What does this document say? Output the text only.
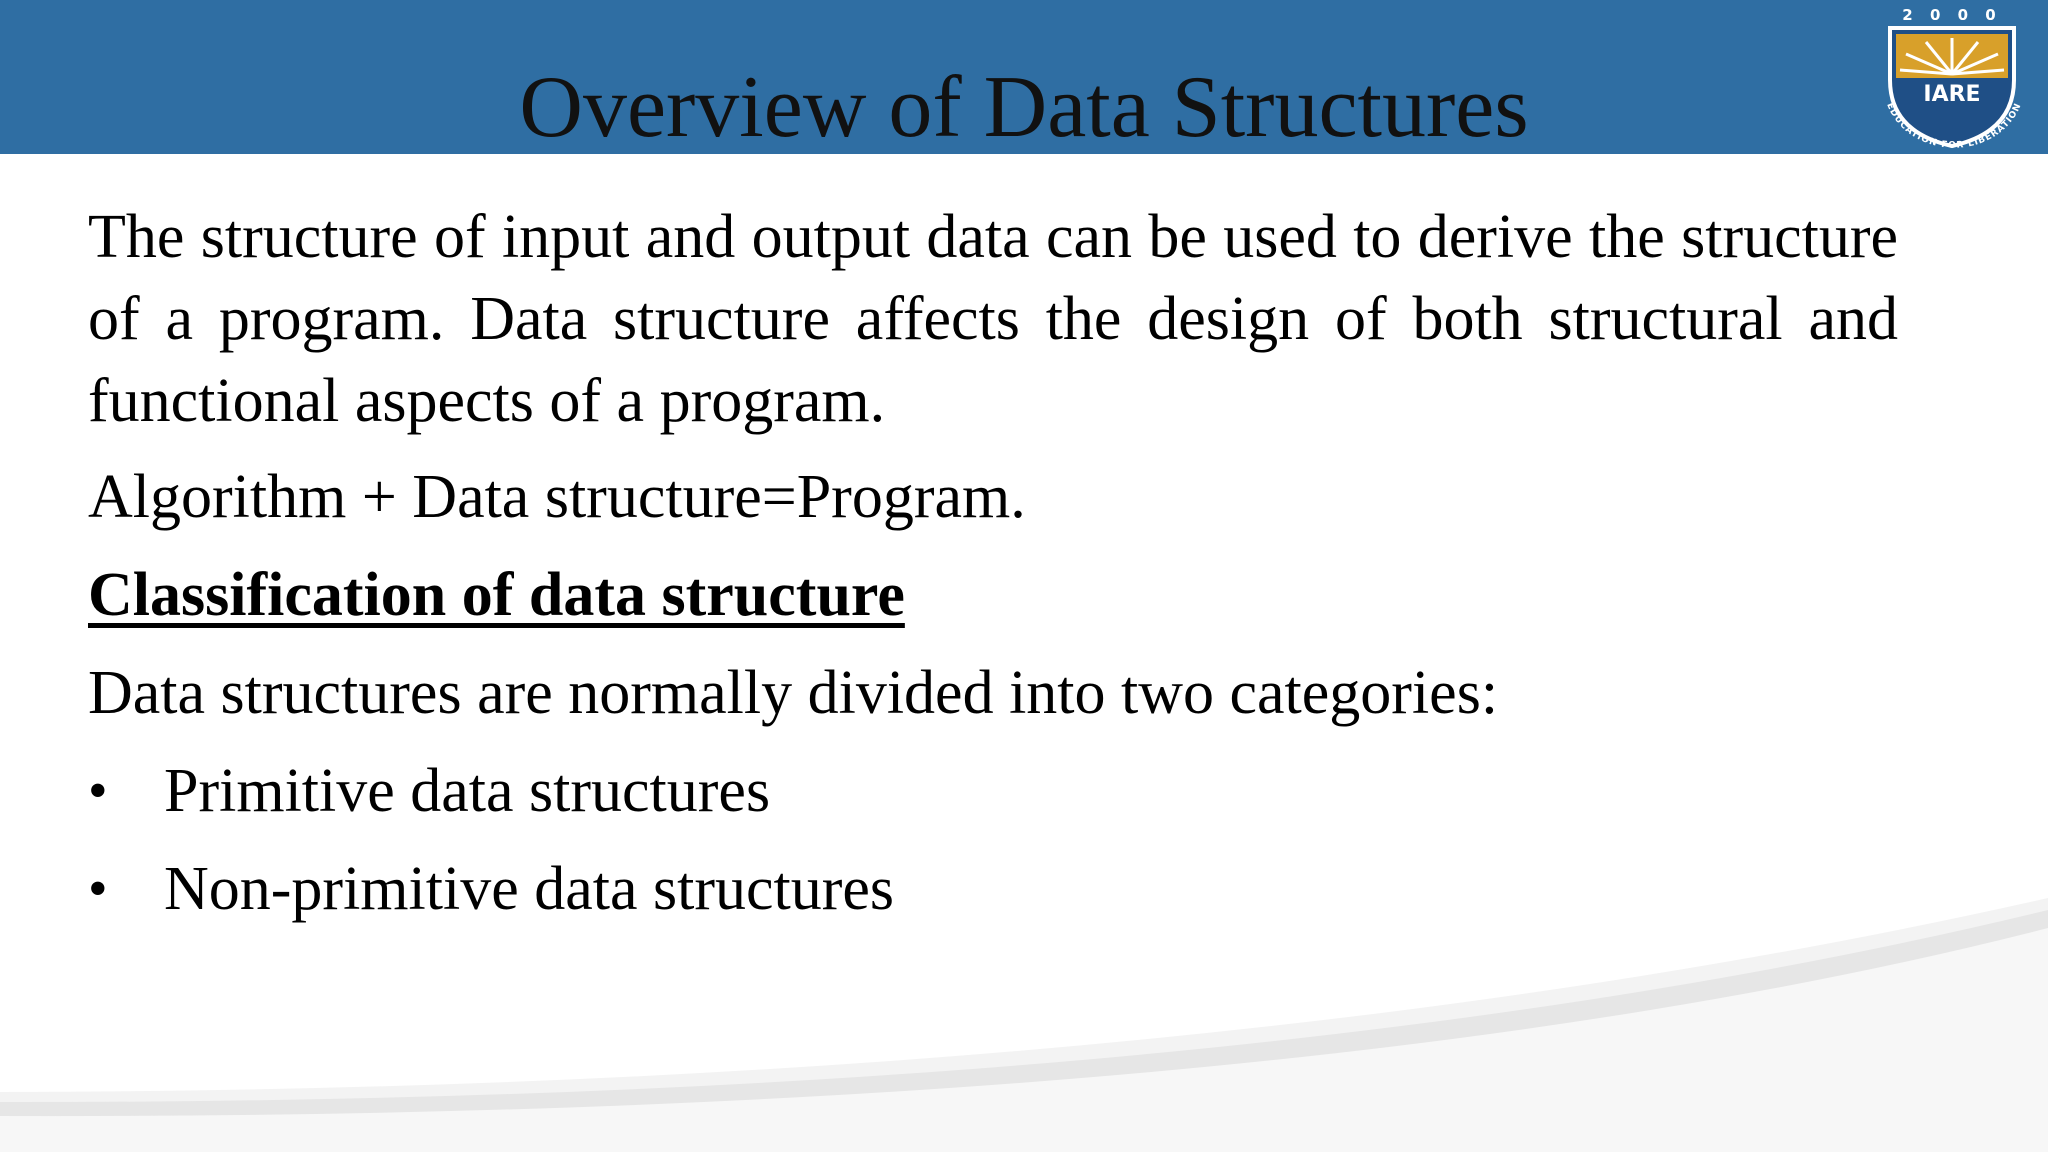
Overview of Data Structures
2 0 0 0
IARE
EDUCATION FOR LIBERATION

The structure of input and output data can be used to derive the structure of a program. Data structure affects the design of both structural and functional aspects of a program.

Algorithm + Data structure=Program.

Classification of data structure

Data structures are normally divided into two categories:

• Primitive data structures
• Non-primitive data structures
